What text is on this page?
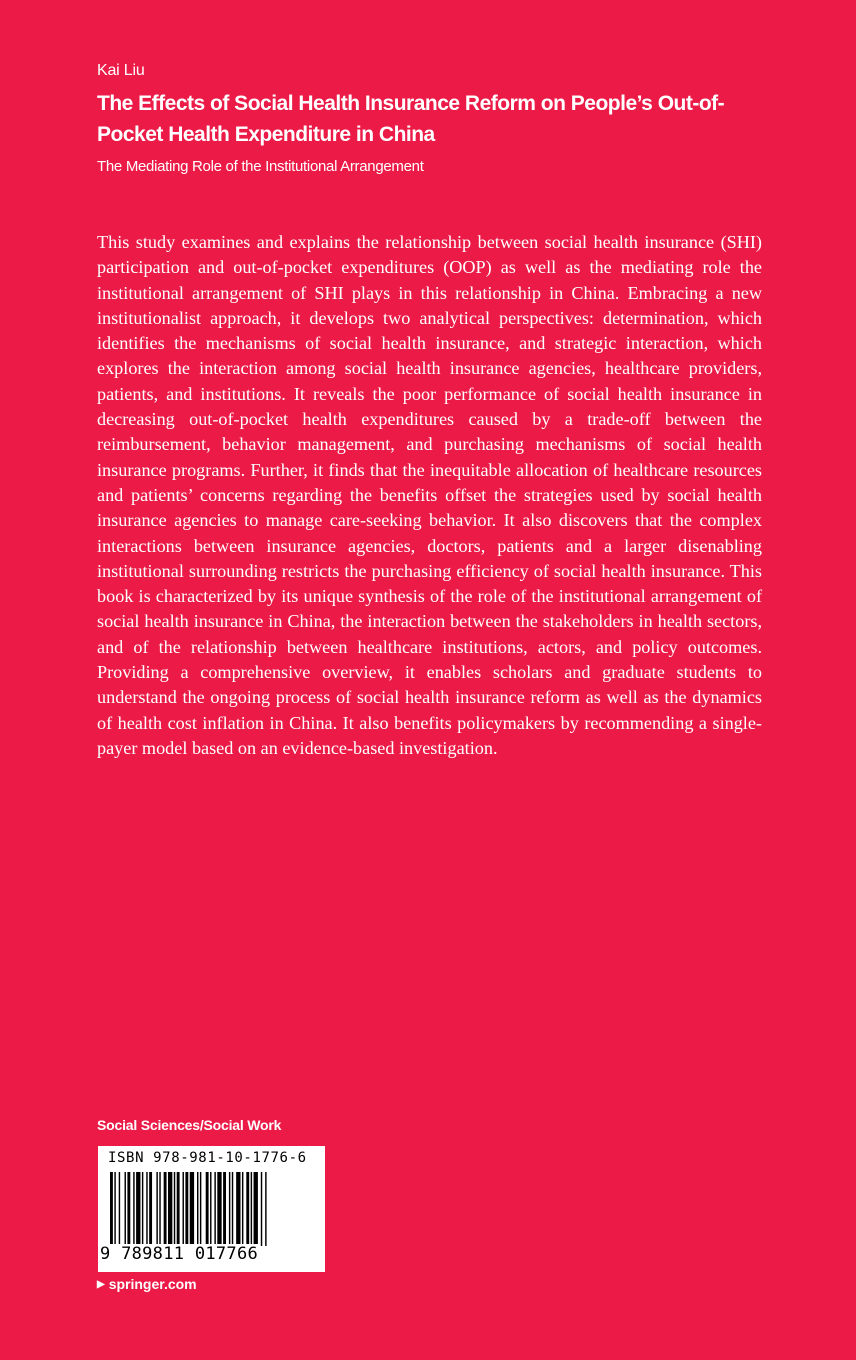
Kai Liu
The Effects of Social Health Insurance Reform on People’s Out-of-Pocket Health Expenditure in China
The Mediating Role of the Institutional Arrangement

This study examines and explains the relationship between social health insurance (SHI) participation and out-of-pocket expenditures (OOP) as well as the mediating role the institutional arrangement of SHI plays in this relationship in China. Embracing a new institutionalist approach, it develops two analytical perspectives: determination, which identifies the mechanisms of social health insurance, and strategic interaction, which explores the interaction among social health insurance agencies, healthcare providers, patients, and institutions. It reveals the poor performance of social health insurance in decreasing out-of-pocket health expenditures caused by a trade-off between the reimbursement, behavior management, and purchasing mechanisms of social health insurance programs. Further, it finds that the inequitable allocation of healthcare resources and patients’ concerns regarding the benefits offset the strategies used by social health insurance agencies to manage care-seeking behavior. It also discovers that the complex interactions between insurance agencies, doctors, patients and a larger disenabling institutional surrounding restricts the purchasing efficiency of social health insurance. This book is characterized by its unique synthesis of the role of the institutional arrangement of social health insurance in China, the interaction between the stakeholders in health sectors, and of the relationship between healthcare institutions, actors, and policy outcomes. Providing a comprehensive overview, it enables scholars and graduate students to understand the ongoing process of social health insurance reform as well as the dynamics of health cost inflation in China. It also benefits policymakers by recommending a single-payer model based on an evidence-based investigation.

Social Sciences/Social Work
ISBN 978-981-10-1776-6
9 789811 017766
▶ springer.com
